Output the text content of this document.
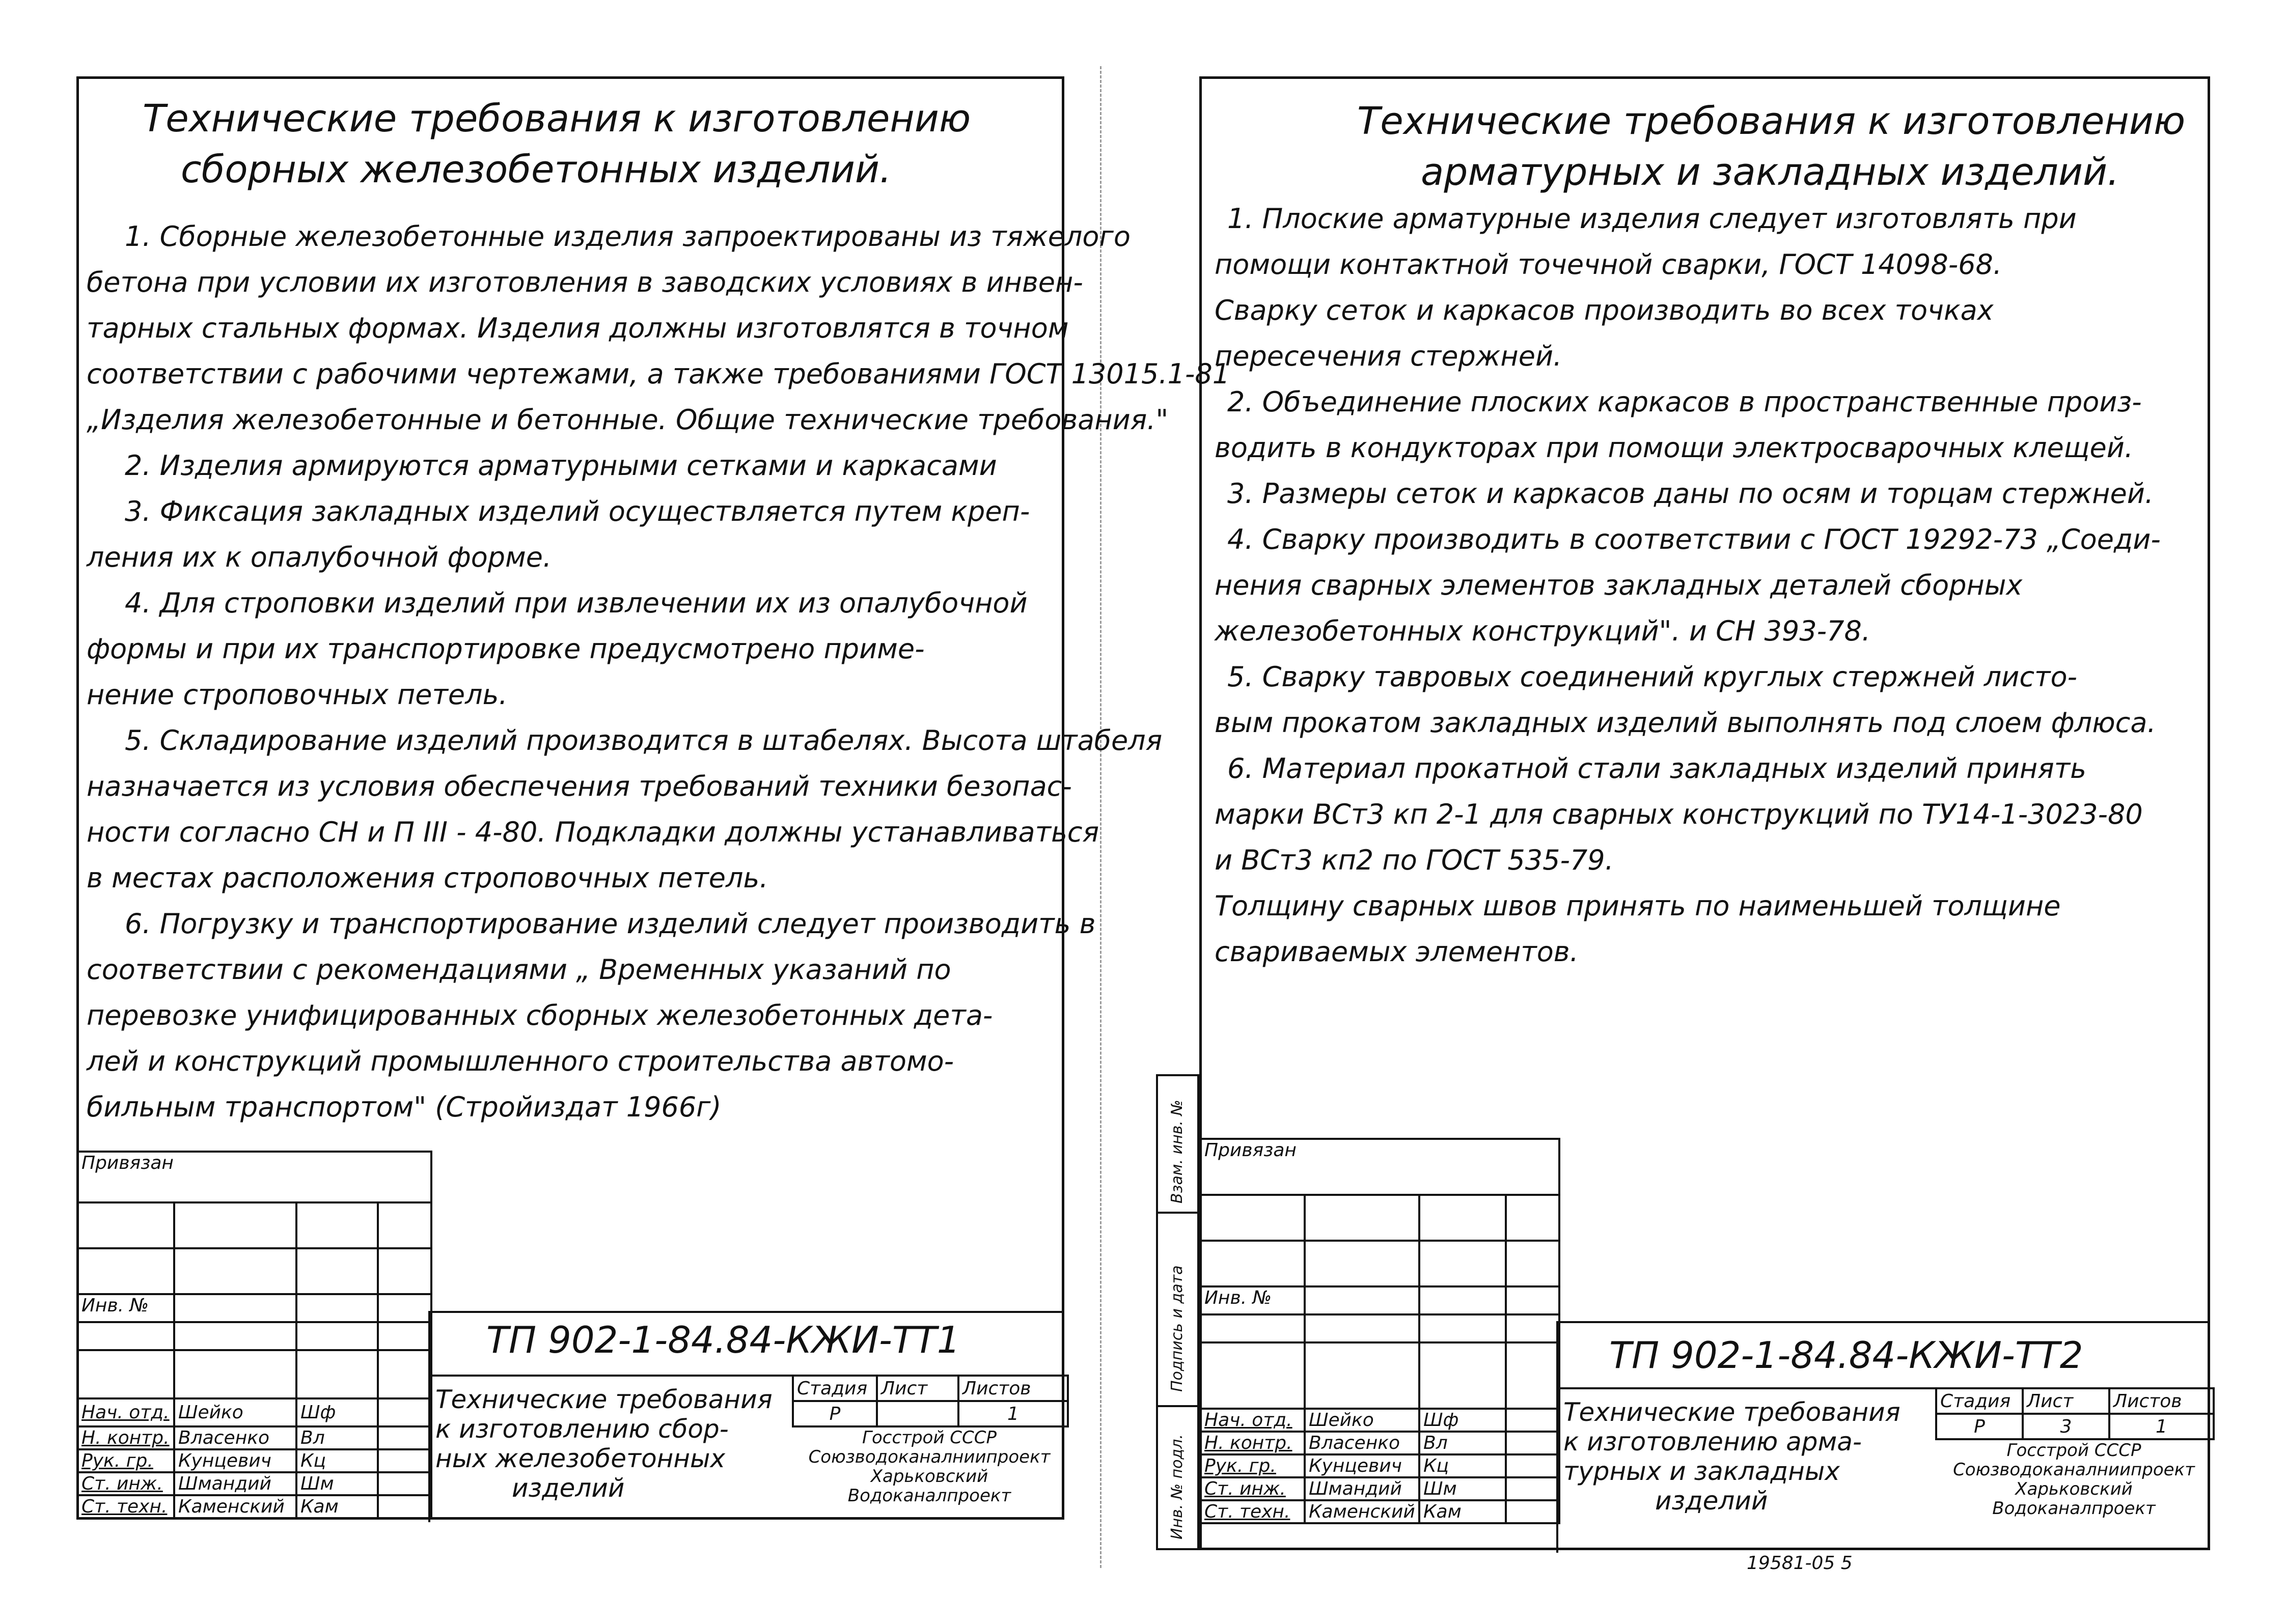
Технические требования к изготовлению
сборных железобетонных изделий.
1. Сборные железобетонные изделия запроектированы из тяжелого
бетона при условии их изготовления в заводских условиях в инвен-
тарных стальных формах. Изделия должны изготовлятся в точном
соответствии с рабочими чертежами, а также требованиями ГОСТ 13015.1-81
„Изделия железобетонные и бетонные. Общие технические требования."
2. Изделия армируются арматурными сетками и каркасами
3. Фиксация закладных изделий осуществляется путем креп-
ления их к опалубочной форме.
4. Для строповки изделий при извлечении их из опалубочной
формы и при их транспортировке предусмотрено приме-
нение строповочных петель.
5. Складирование изделий производится в штабелях. Высота штабеля
назначается из условия обеспечения требований техники безопас-
ности согласно СН и П III - 4-80. Подкладки должны устанавливаться
в местах расположения строповочных петель.
6. Погрузку и транспортирование изделий следует производить в
соответствии с рекомендациями „ Временных указаний по
перевозке унифицированных сборных железобетонных дета-
лей и конструкций промышленного строительства автомо-
бильным транспортом" (Стройиздат 1966г)
Привязан			

Инв. №			

Нач. отд.	Шейко	Шф	
Н. контр.	Власенко	Вл	
Рук. гр.	Кунцевич	Кц	
Ст. инж.	Шмандий	Шм	
Ст. техн.	Каменский	Кам	
ТП 902-1-84.84-КЖИ-ТТ1
Технические требования
к изготовлению сбор-
ных железобетонных
изделий
Стадия	Лист	Листов
Р		1
Госстрой СССР
Союзводоканалниипроект
Харьковский
Водоканалпроект
Технические требования к изготовлению
арматурных и закладных изделий.
1. Плоские арматурные изделия следует изготовлять при
помощи контактной точечной сварки, ГОСТ 14098-68.
Сварку сеток и каркасов производить во всех точках
пересечения стержней.
2. Объединение плоских каркасов в пространственные произ-
водить в кондукторах при помощи электросварочных клещей.
3. Размеры сеток и каркасов даны по осям и торцам стержней.
4. Сварку производить в соответствии с ГОСТ 19292-73 „Соеди-
нения сварных элементов закладных деталей сборных
железобетонных конструкций". и СН 393-78.
5. Сварку тавровых соединений круглых стержней листо-
вым прокатом закладных изделий выполнять под слоем флюса.
6. Материал прокатной стали закладных изделий принять
марки ВСт3 кп 2-1 для сварных конструкций по ТУ14-1-3023-80
и ВСт3 кп2 по ГОСТ 535-79.
Толщину сварных швов принять по наименьшей толщине
свариваемых элементов.
Привязан			

Инв. №			

Нач. отд.	Шейко	Шф	
Н. контр.	Власенко	Вл	
Рук. гр.	Кунцевич	Кц	
Ст. инж.	Шмандий	Шм	
Ст. техн.	Каменский	Кам	
ТП 902-1-84.84-КЖИ-ТТ2
Технические требования
к изготовлению арма-
турных и закладных
изделий
Стадия	Лист	Листов
Р	3	1
Госстрой СССР
Союзводоканалниипроект
Харьковский
Водоканалпроект
Взам. инв. №
Подпись и дата
Инв. № подл.
19581-05 5
